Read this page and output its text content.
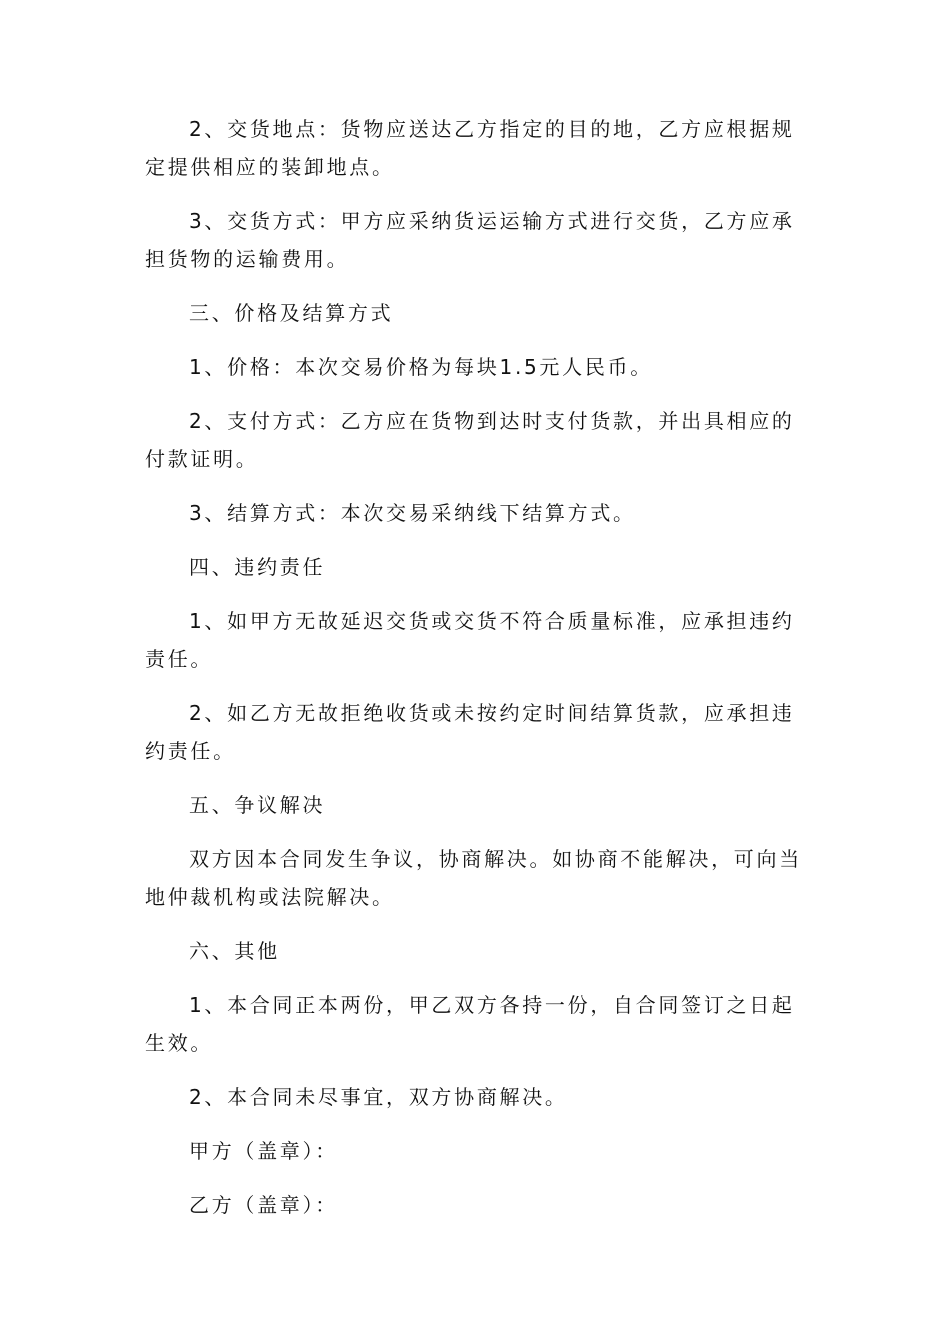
2、交货地点：货物应送达乙方指定的目的地，乙方应根据规定提供相应的装卸地点。

3、交货方式：甲方应采纳货运运输方式进行交货，乙方应承担货物的运输费用。

三、价格及结算方式

1、价格：本次交易价格为每块1.5元人民币。

2、支付方式：乙方应在货物到达时支付货款，并出具相应的付款证明。

3、结算方式：本次交易采纳线下结算方式。

四、违约责任

1、如甲方无故延迟交货或交货不符合质量标准，应承担违约责任。

2、如乙方无故拒绝收货或未按约定时间结算货款，应承担违约责任。

五、争议解决

双方因本合同发生争议，协商解决。如协商不能解决，可向当地仲裁机构或法院解决。

六、其他

1、本合同正本两份，甲乙双方各持一份，自合同签订之日起生效。

2、本合同未尽事宜，双方协商解决。

甲方（盖章）：

乙方（盖章）：
